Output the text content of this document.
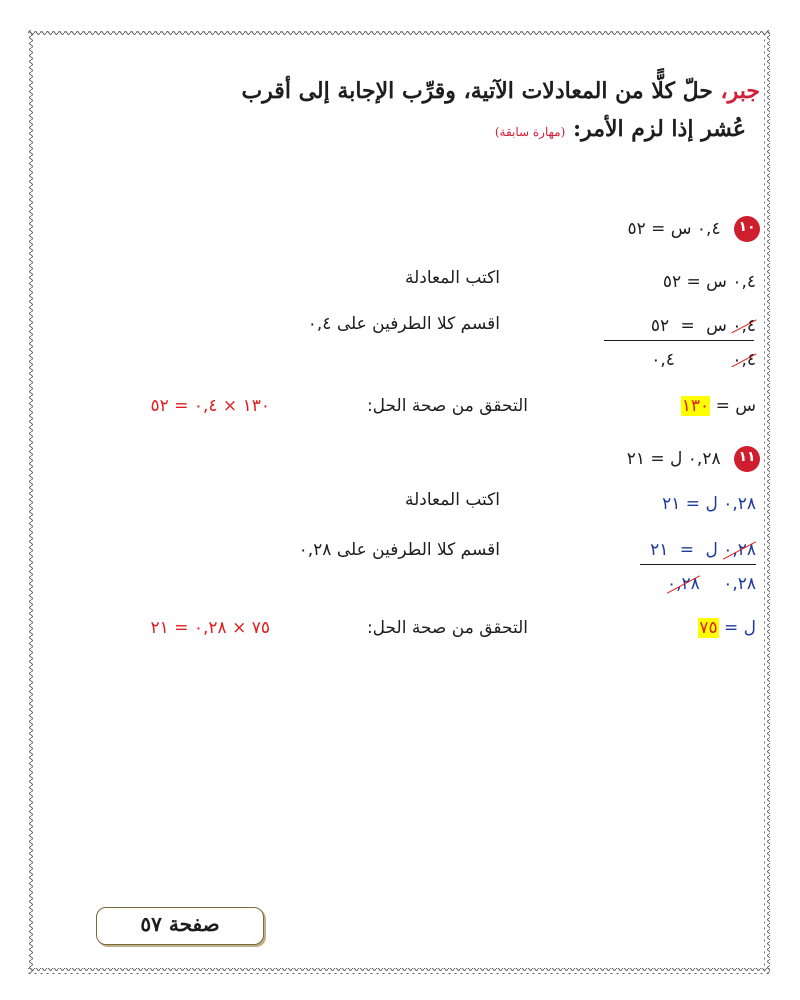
جبر، حلّ كلًّا من المعادلات الآتية، وقرِّب الإجابة إلى أقرب
عُشر إذا لزم الأمر: (مهارة سابقة)
١٠
٠,٤ س = ٥٢
٠,٤ س = ٥٢
اكتب المعادلة
٠,٤ س = ٥٢
٠,٤ ٠,٤
اقسم كلا الطرفين على ٠,٤
س = ١٣٠
التحقق من صحة الحل:
١٣٠ × ٠,٤ = ٥٢
١١
٠,٢٨ ل = ٢١
٠,٢٨ ل = ٢١
اكتب المعادلة
٠,٢٨ ل = ٢١
٠,٢٨ ٠,٢٨
اقسم كلا الطرفين على ٠,٢٨
ل = ٧٥
التحقق من صحة الحل:
٧٥ × ٠,٢٨ = ٢١
صفحة ٥٧
